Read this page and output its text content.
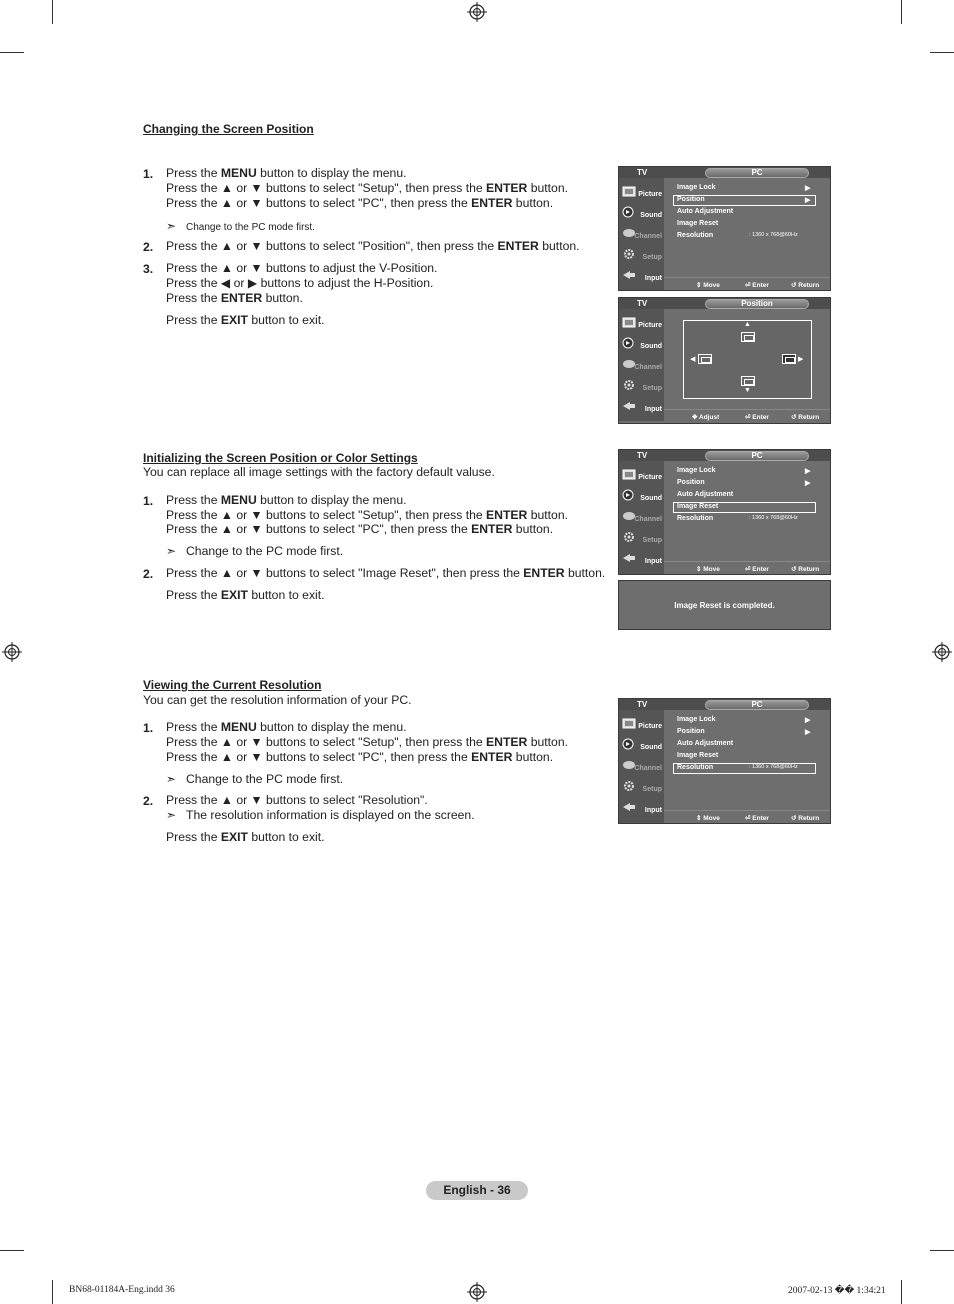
Changing the Screen Position
1. Press the MENU button to display the menu.
Press the ▲ or ▼ buttons to select "Setup", then press the ENTER button.
Press the ▲ or ▼ buttons to select "PC", then press the ENTER button.
➣ Change to the PC mode first.
2. Press the ▲ or ▼ buttons to select "Position", then press the ENTER button.
3. Press the ▲ or ▼ buttons to adjust the V-Position.
Press the ◀ or ▶ buttons to adjust the H-Position.
Press the ENTER button.
Press the EXIT button to exit.
TV	PC
Picture
Sound
Channel
Setup
Input
Image Lock	▶
Position	▶
Auto Adjustment
Image Reset
Resolution	: 1360 x 768@60Hz
⇕ Move	⏎ Enter	↺ Return
TV	Position
Picture
Sound
Channel
Setup
Input
▲
▼
◀	▶
✥ Adjust	⏎ Enter	↺ Return
Initializing the Screen Position or Color Settings
You can replace all image settings with the factory default valuse.
1. Press the MENU button to display the menu.
Press the ▲ or ▼ buttons to select "Setup", then press the ENTER button.
Press the ▲ or ▼ buttons to select "PC", then press the ENTER button.
➣ Change to the PC mode first.
2. Press the ▲ or ▼ buttons to select "Image Reset", then press the ENTER button.
Press the EXIT button to exit.
TV	PC
Picture
Sound
Channel
Setup
Input
Image Lock	▶
Position	▶
Auto Adjustment
Image Reset
Resolution	: 1360 x 768@60Hz
⇕ Move	⏎ Enter	↺ Return
Image Reset is completed.
Viewing the Current Resolution
You can get the resolution information of your PC.
1. Press the MENU button to display the menu.
Press the ▲ or ▼ buttons to select "Setup", then press the ENTER button.
Press the ▲ or ▼ buttons to select "PC", then press the ENTER button.
➣ Change to the PC mode first.
2. Press the ▲ or ▼ buttons to select "Resolution".
➣ The resolution information is displayed on the screen.
Press the EXIT button to exit.
TV	PC
Picture
Sound
Channel
Setup
Input
Image Lock	▶
Position	▶
Auto Adjustment
Image Reset
Resolution	: 1360 x 768@60Hz
⇕ Move	⏎ Enter	↺ Return
English - 36
BN68-01184A-Eng.indd 36	2007-02-13 �� 1:34:21
